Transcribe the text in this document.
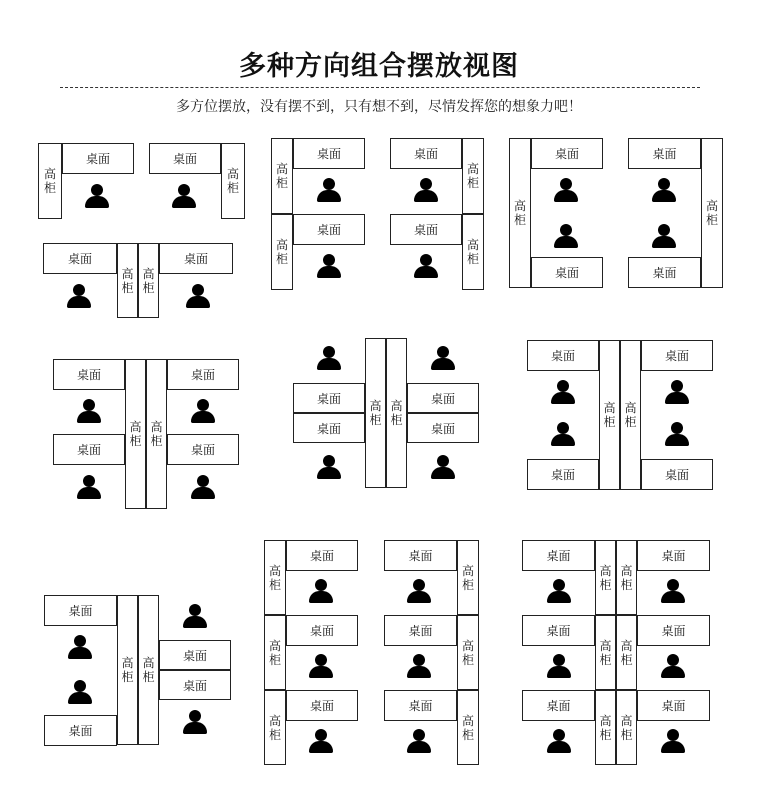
多种方向组合摆放视图
多方位摆放，没有摆不到，只有想不到，尽情发挥您的想象力吧！
高柜
桌面
高柜
桌面
桌面
高柜
高柜
桌面
高柜
桌面
高柜
桌面
桌面
高柜
桌面
高柜
高柜
桌面
桌面
高柜
桌面
桌面
桌面
桌面
高柜
高柜
桌面
桌面
高柜
高柜
桌面
桌面
桌面
桌面
桌面
桌面
高柜
高柜
桌面
桌面
桌面
桌面
高柜
高柜
桌面
桌面
高柜
桌面
高柜
桌面
高柜
桌面
桌面
高柜
桌面
高柜
桌面
高柜
桌面
桌面
桌面
高柜
高柜
高柜
高柜
高柜
高柜
桌面
桌面
桌面
